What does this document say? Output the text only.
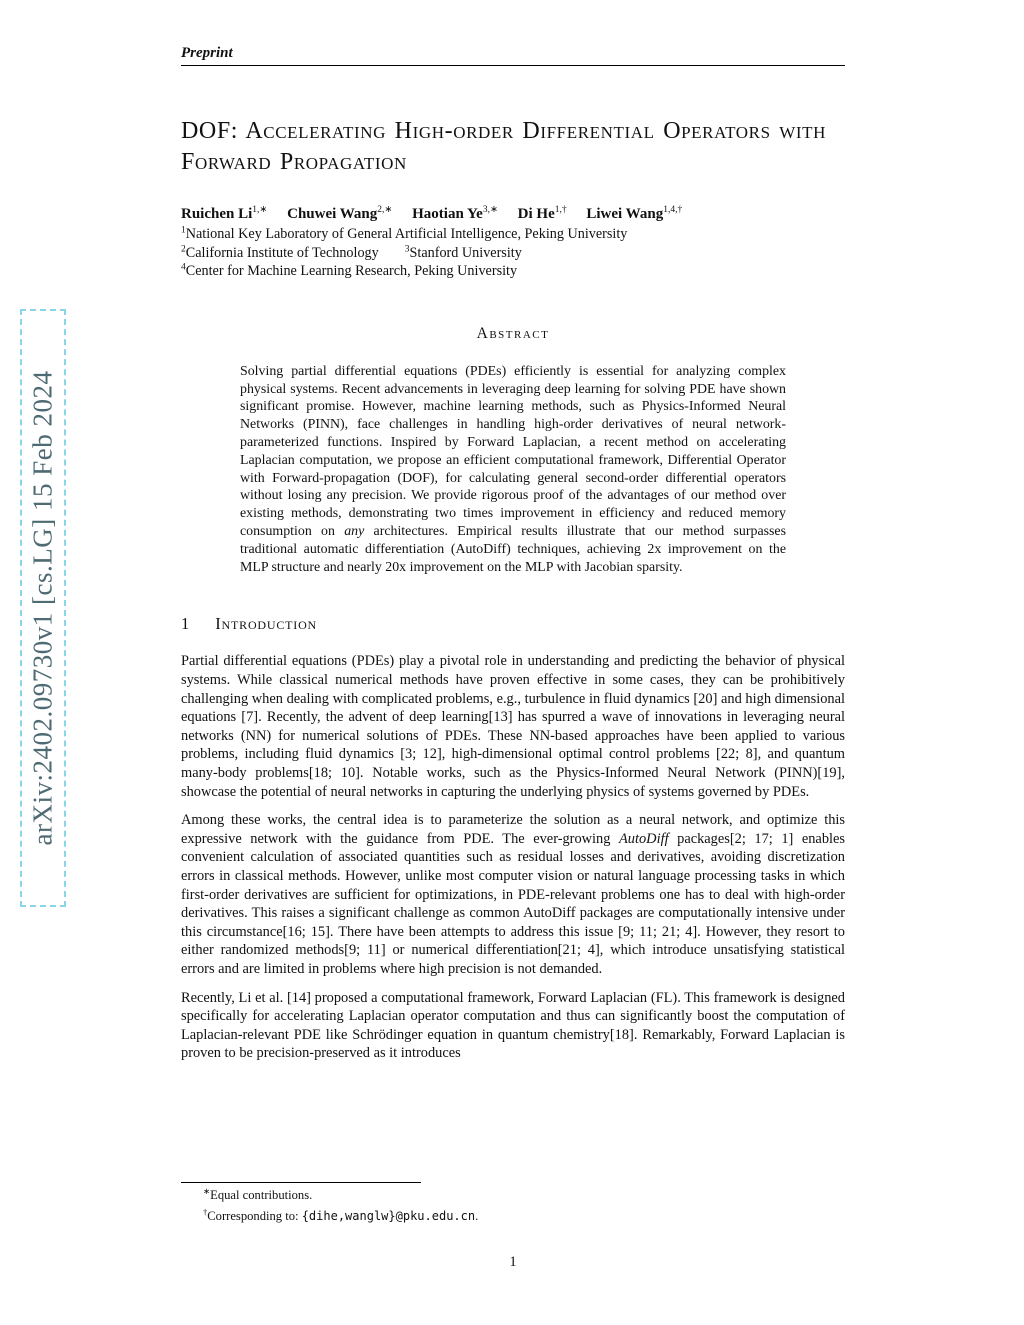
arXiv:2402.09730v1 [cs.LG] 15 Feb 2024
Preprint
DOF: Accelerating High-order Differential Operators with Forward Propagation
Ruichen $Li^{1,∗}$ Chuwei Wang$^{2,∗}$ Haotian $Ye^{3,∗}$ Di $He^{1,\dagger}$ Liwei Wang$^{1,4,\dagger}$
$^1$National Key Laboratory of General Artificial Intelligence, Peking University
$^2$California Institute of Technology	$^3$Stanford University
$^4$Center for Machine Learning Research, Peking University
Abstract

Solving partial differential equations (PDEs) efficiently is essential for analyzing complex physical systems. Recent advancements in leveraging deep learning for solving PDE have shown significant promise. However, machine learning methods, such as Physics-Informed Neural Networks (PINN), face challenges in handling high-order derivatives of neural network-parameterized functions. Inspired by Forward Laplacian, a recent method on accelerating Laplacian computation, we propose an efficient computational framework, Differential Operator with Forward-propagation (DOF), for calculating general second-order differential operators without losing any precision. We provide rigorous proof of the advantages of our method over existing methods, demonstrating two times improvement in efficiency and reduced memory consumption on any architectures. Empirical results illustrate that our method surpasses traditional automatic differentiation (AutoDiff) techniques, achieving 2x improvement on the MLP structure and nearly 20x improvement on the MLP with Jacobian sparsity.

1 Introduction

Partial differential equations (PDEs) play a pivotal role in understanding and predicting the behavior of physical systems. While classical numerical methods have proven effective in some cases, they can be prohibitively challenging when dealing with complicated problems, e.g., turbulence in fluid dynamics [20] and high dimensional equations [7]. Recently, the advent of deep learning[13] has spurred a wave of innovations in leveraging neural networks (NN) for numerical solutions of PDEs. These NN-based approaches have been applied to various problems, including fluid dynamics [3; 12], high-dimensional optimal control problems [22; 8], and quantum many-body problems[18; 10]. Notable works, such as the Physics-Informed Neural Network (PINN)[19], showcase the potential of neural networks in capturing the underlying physics of systems governed by PDEs.

Among these works, the central idea is to parameterize the solution as a neural network, and optimize this expressive network with the guidance from PDE. The ever-growing AutoDiff packages[2; 17; 1] enables convenient calculation of associated quantities such as residual losses and derivatives, avoiding discretization errors in classical methods. However, unlike most computer vision or natural language processing tasks in which first-order derivatives are sufficient for optimizations, in PDE-relevant problems one has to deal with high-order derivatives. This raises a significant challenge as common AutoDiff packages are computationally intensive under this circumstance[16; 15]. There have been attempts to address this issue [9; 11; 21; 4]. However, they resort to either randomized methods[9; 11] or numerical differentiation[21; 4], which introduce unsatisfying statistical errors and are limited in problems where high precision is not demanded.

Recently, Li et al. [14] proposed a computational framework, Forward Laplacian (FL). This framework is designed specifically for accelerating Laplacian operator computation and thus can significantly boost the computation of Laplacian-relevant PDE like Schrödinger equation in quantum chemistry[18]. Remarkably, Forward Laplacian is proven to be precision-preserved as it introduces

∗Equal contributions.
†Corresponding to: {dihe,wanglw}@pku.edu.cn.
1
